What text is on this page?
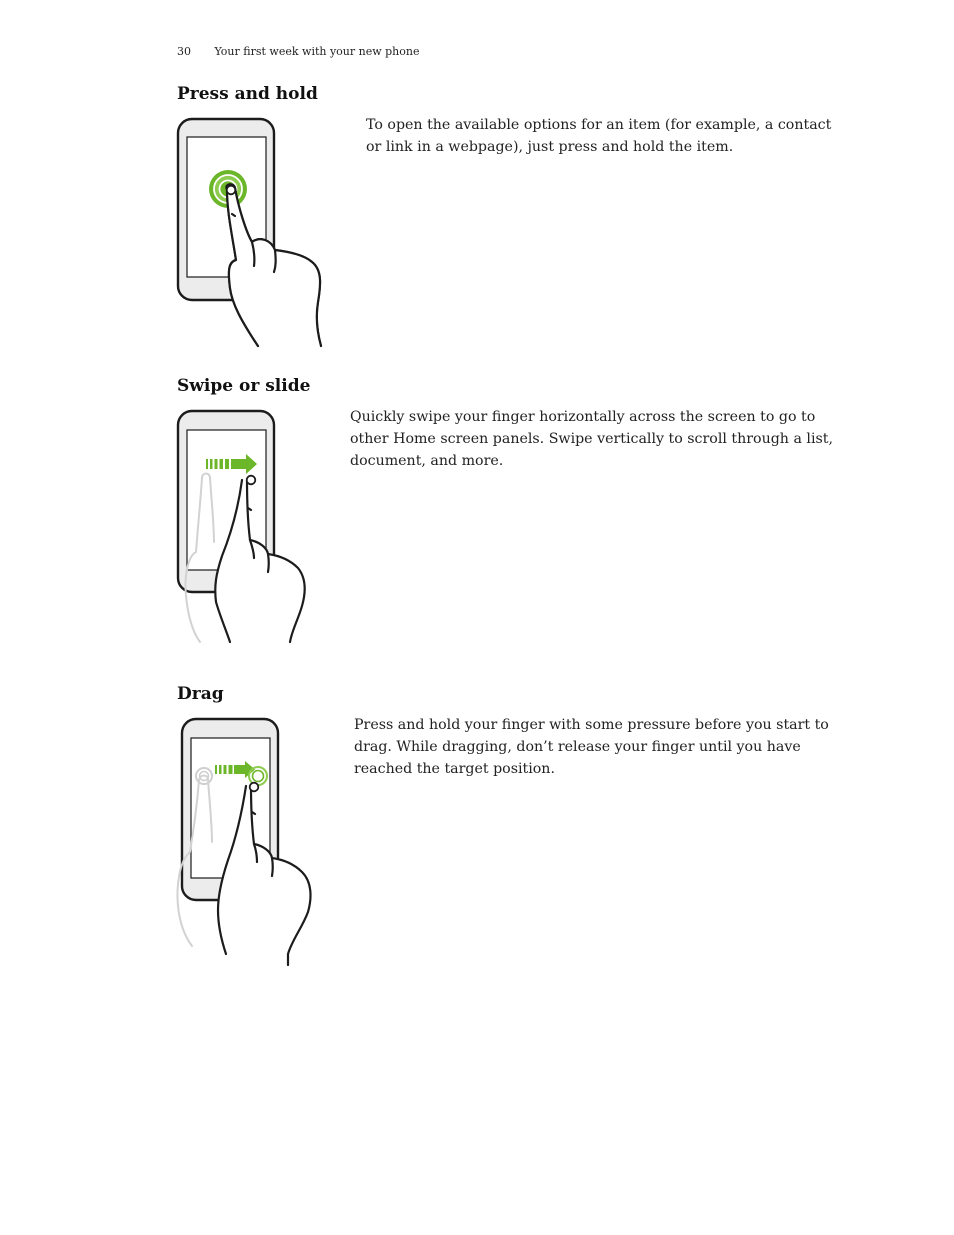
30 Your first week with your new phone
Press and hold
To open the available options for an item (for example, a contact or link in a webpage), just press and hold the item.
Swipe or slide
Quickly swipe your finger horizontally across the screen to go to other Home screen panels. Swipe vertically to scroll through a list, document, and more.
Drag
Press and hold your finger with some pressure before you start to drag. While dragging, don’t release your finger until you have reached the target position.
